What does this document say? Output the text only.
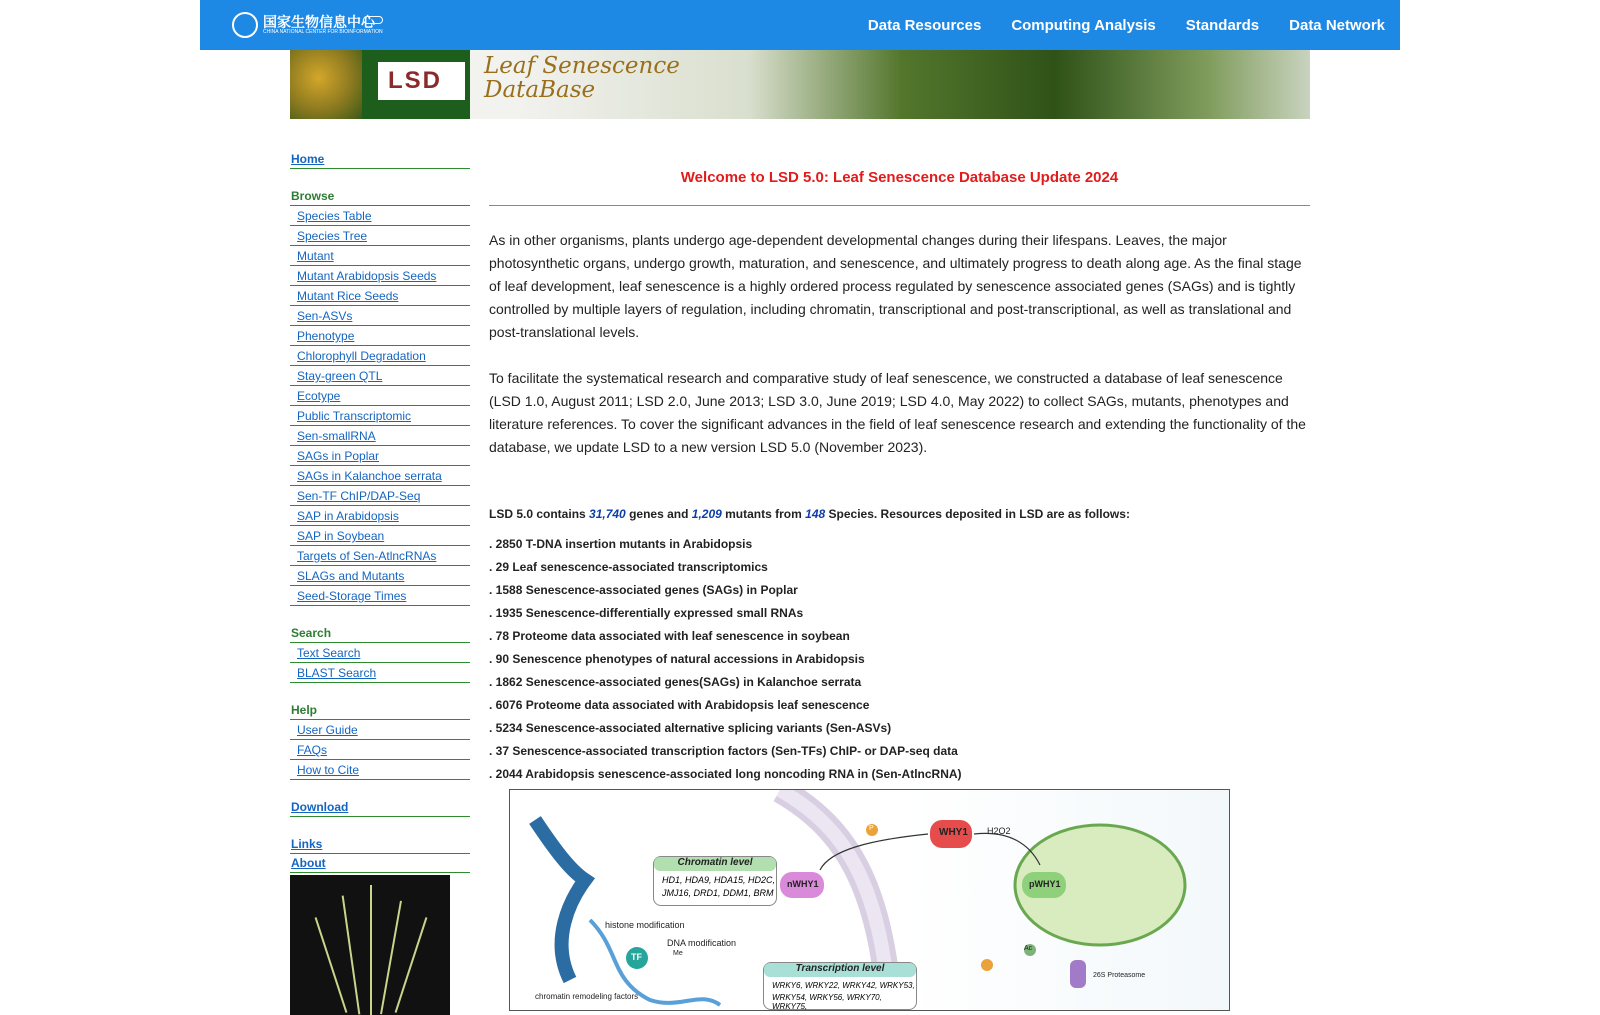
国家生物信息中心
CHINA NATIONAL CENTER FOR BIOINFORMATION	Data Resources Computing Analysis Standards Data Network
LSD
Leaf Senescence
DataBase
Home
Browse
Species Table
Species Tree
Mutant
Mutant Arabidopsis Seeds
Mutant Rice Seeds
Sen-ASVs
Phenotype
Chlorophyll Degradation
Stay-green QTL
Ecotype
Public Transcriptomic
Sen-smallRNA
SAGs in Poplar
SAGs in Kalanchoe serrata
Sen-TF ChIP/DAP-Seq
SAP in Arabidopsis
SAP in Soybean
Targets of Sen-AtlncRNAs
SLAGs and Mutants
Seed-Storage Times
Search
Text Search
BLAST Search
Help
User Guide
FAQs
How to Cite
Download
Links
About
Welcome to LSD 5.0: Leaf Senescence Database Update 2024

As in other organisms, plants undergo age-dependent developmental changes during their lifespans. Leaves, the major photosynthetic organs, undergo growth, maturation, and senescence, and ultimately progress to death along age. As the final stage of leaf development, leaf senescence is a highly ordered process regulated by senescence associated genes (SAGs) and is tightly controlled by multiple layers of regulation, including chromatin, transcriptional and post-transcriptional, as well as translational and post-translational levels.

To facilitate the systematical research and comparative study of leaf senescence, we constructed a database of leaf senescence (LSD 1.0, August 2011; LSD 2.0, June 2013; LSD 3.0, June 2019; LSD 4.0, May 2022) to collect SAGs, mutants, phenotypes and literature references. To cover the significant advances in the field of leaf senescence research and extending the functionality of the database, we update LSD to a new version LSD 5.0 (November 2023).

LSD 5.0 contains 31,740 genes and 1,209 mutants from 148 Species. Resources deposited in LSD are as follows:
. 2850 T-DNA insertion mutants in Arabidopsis
. 29 Leaf senescence-associated transcriptomics
. 1588 Senescence-associated genes (SAGs) in Poplar
. 1935 Senescence-differentially expressed small RNAs
. 78 Proteome data associated with leaf senescence in soybean
. 90 Senescence phenotypes of natural accessions in Arabidopsis
. 1862 Senescence-associated genes(SAGs) in Kalanchoe serrata
. 6076 Proteome data associated with Arabidopsis leaf senescence
. 5234 Senescence-associated alternative splicing variants (Sen-ASVs)
. 37 Senescence-associated transcription factors (Sen-TFs) ChIP- or DAP-seq data
. 2044 Arabidopsis senescence-associated long noncoding RNA in (Sen-AtlncRNA)
Chromatin level
HD1, HDA9, HDA15, HD2C,
JMJ16, DRD1, DDM1, BRM
WHY1 H2O2
nWHY1	pWHY1
histone modification
DNA modification
TF
P
Me
Ac
26S Proteasome
chromatin remodeling factors
Transcription level
WRKY6, WRKY22, WRKY42, WRKY53,
WRKY54, WRKY56, WRKY70, WRKY75,
